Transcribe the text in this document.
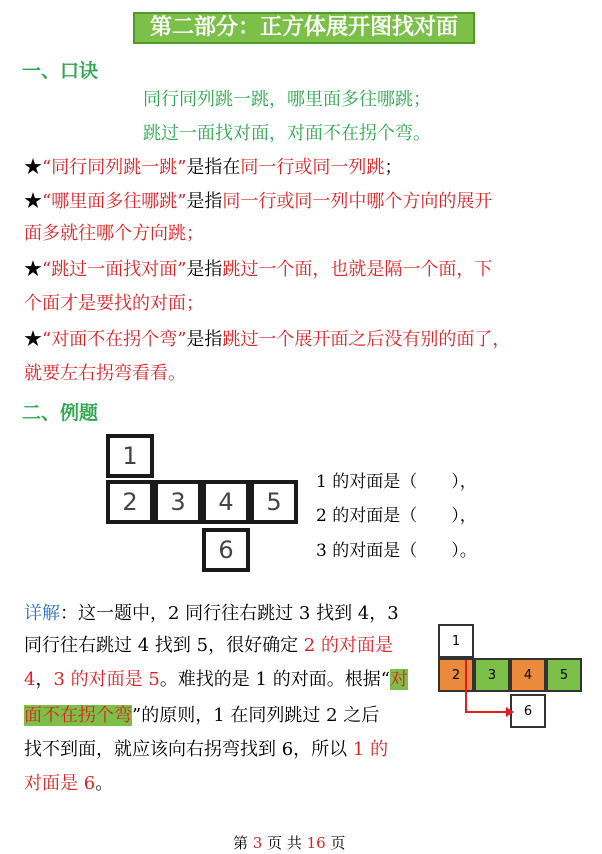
第二部分：正方体展开图找对面
一、口诀
同行同列跳一跳，哪里面多往哪跳；
跳过一面找对面，对面不在拐个弯。
★“同行同列跳一跳”是指在同一行或同一列跳；
★“哪里面多往哪跳”是指同一行或同一列中哪个方向的展开
面多就往哪个方向跳；
★“跳过一面找对面”是指跳过一个面，也就是隔一个面，下
个面才是要找的对面；
★“对面不在拐个弯”是指跳过一个展开面之后没有别的面了，
就要左右拐弯看看。
二、例题
1
2	3	4	5
6
1 的对面是（　　），
2 的对面是（　　），
3 的对面是（　　）。
详解：这一题中，2 同行往右跳过 3 找到 4，3
同行往右跳过 4 找到 5，很好确定 2 的对面是
4，3 的对面是 5。难找的是 1 的对面。根据“对
面不在拐个弯”的原则，1 在同列跳过 2 之后
找不到面，就应该向右拐弯找到 6，所以 1 的
对面是 6。
1
2	3	4	5
6
第 3 页 共 16 页
